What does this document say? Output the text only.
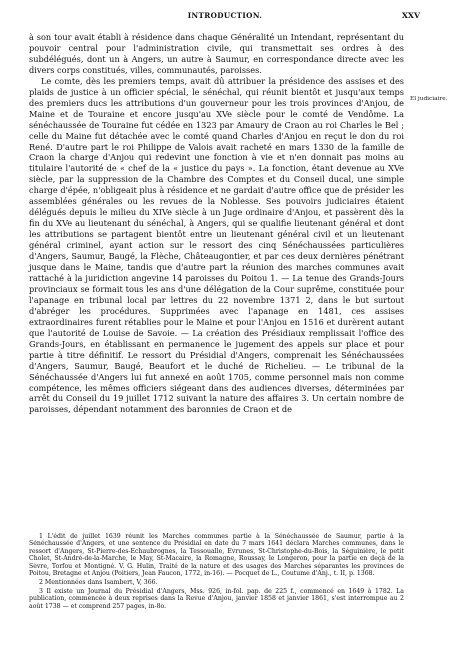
INTRODUCTION.	XXV
El judiciaire.

à son tour avait établi à résidence dans chaque Généralité un Intendant, représentant du pouvoir central pour l'administration civile, qui transmettait ses ordres à des subdélégués, dont un à Angers, un autre à Saumur, en correspondance directe avec les divers corps constitués, villes, communautés, paroisses.

Le comte, dès les premiers temps, avait dû attribuer la présidence des assises et des plaids de justice à un officier spécial, le sénéchal, qui réunit bientôt et jusqu'aux temps des premiers ducs les attributions d'un gouverneur pour les trois provinces d'Anjou, de Maine et de Touraine et encore jusqu'au XVe siècle pour le comté de Vendôme. La sénéchaussée de Touraine fut cédée en 1323 par Amaury de Craon au roi Charles le Bel ; celle du Maine fut détachée avec le comté quand Charles d'Anjou en reçut le don du roi René. D'autre part le roi Philippe de Valois avait racheté en mars 1330 de la famille de Craon la charge d'Anjou qui redevint une fonction à vie et n'en donnait pas moins au titulaire l'autorité de « chef de la « justice du pays ». La fonction, étant devenue au XVe siècle, par la suppression de la Chambre des Comptes et du Conseil ducal, une simple charge d'épée, n'obligeait plus à résidence et ne gardait d'autre office que de présider les assemblées générales ou les revues de la Noblesse. Ses pouvoirs judiciaires étaient délégués depuis le milieu du XIVe siècle à un Juge ordinaire d'Anjou, et passèrent dès la fin du XVe au lieutenant du sénéchal, à Angers, qui se qualifie lieutenant général et dont les attributions se partagent bientôt entre un lieutenant général civil et un lieutenant général criminel, ayant action sur le ressort des cinq Sénéchaussées particulières d'Angers, Saumur, Baugé, la Flèche, Châteaugontier, et par ces deux dernières pénétrant jusque dans le Maine, tandis que d'autre part la réunion des marches communes avait rattaché à la juridiction angevine 14 paroisses du Poitou 1. — La tenue des Grands-Jours provinciaux se formait tous les ans d'une délégation de la Cour suprême, constituée pour l'apanage en tribunal local par lettres du 22 novembre 1371 2, dans le but surtout d'abréger les procédures. Supprimées avec l'apanage en 1481, ces assises extraordinaires furent rétablies pour le Maine et pour l'Anjou en 1516 et durèrent autant que l'autorité de Louise de Savoie. — La création des Présidiaux remplissait l'office des Grands-Jours, en établissant en permanence le jugement des appels sur place et pour partie à titre définitif. Le ressort du Présidial d'Angers, comprenait les Sénéchaussées d'Angers, Saumur, Baugé, Beaufort et le duché de Richelieu. — Le tribunal de la Sénéchaussée d'Angers lui fut annexé en août 1705, comme personnel mais non comme compétence, les mêmes officiers siégeant dans des audiences diverses, déterminées par arrêt du Conseil du 19 juillet 1712 suivant la nature des affaires 3. Un certain nombre de paroisses, dépendant notamment des baronnies de Craon et de

1 L'édit de juillet 1639 réunit les Marches communes partie à la Sénéchaussée de Saumur, partie à la Sénéchaussée d'Angers, et une sentence du Présidial en date du 7 mars 1641 déclara Marches communes, dans le ressort d'Angers, St-Pierre-des-Echaubrognes, la Tessoualle, Evrunes, St-Christophe-du-Bois, la Séguinière, le petit Cholet, St-André-de-la-Marche, le May, St-Macaire, la Romagne, Roussay, le Longeron, pour la partie en deçà de la Sèvre, Torfou et Montigné. V. G. Hulin, Traité de la nature et des usages des Marches séparantes les provinces de Poitou, Bretagne et Anjou (Poitiers, Jean Faucon, 1772, in-16). — Pocquet de L., Coutume d'Anj., t. II, p. 1368.

2 Mentionnées dans Isambert, V, 366.

3 Il existe un Journal du Présidial d'Angers, Mss. 926, in-fol. pap. de 225 f., commencé en 1649 à 1782. La publication, commencée à deux reprises dans la Revue d'Anjou, janvier 1858 et janvier 1861, s'est interrompue au 2 août 1738 — et comprend 257 pages, in-8o.
